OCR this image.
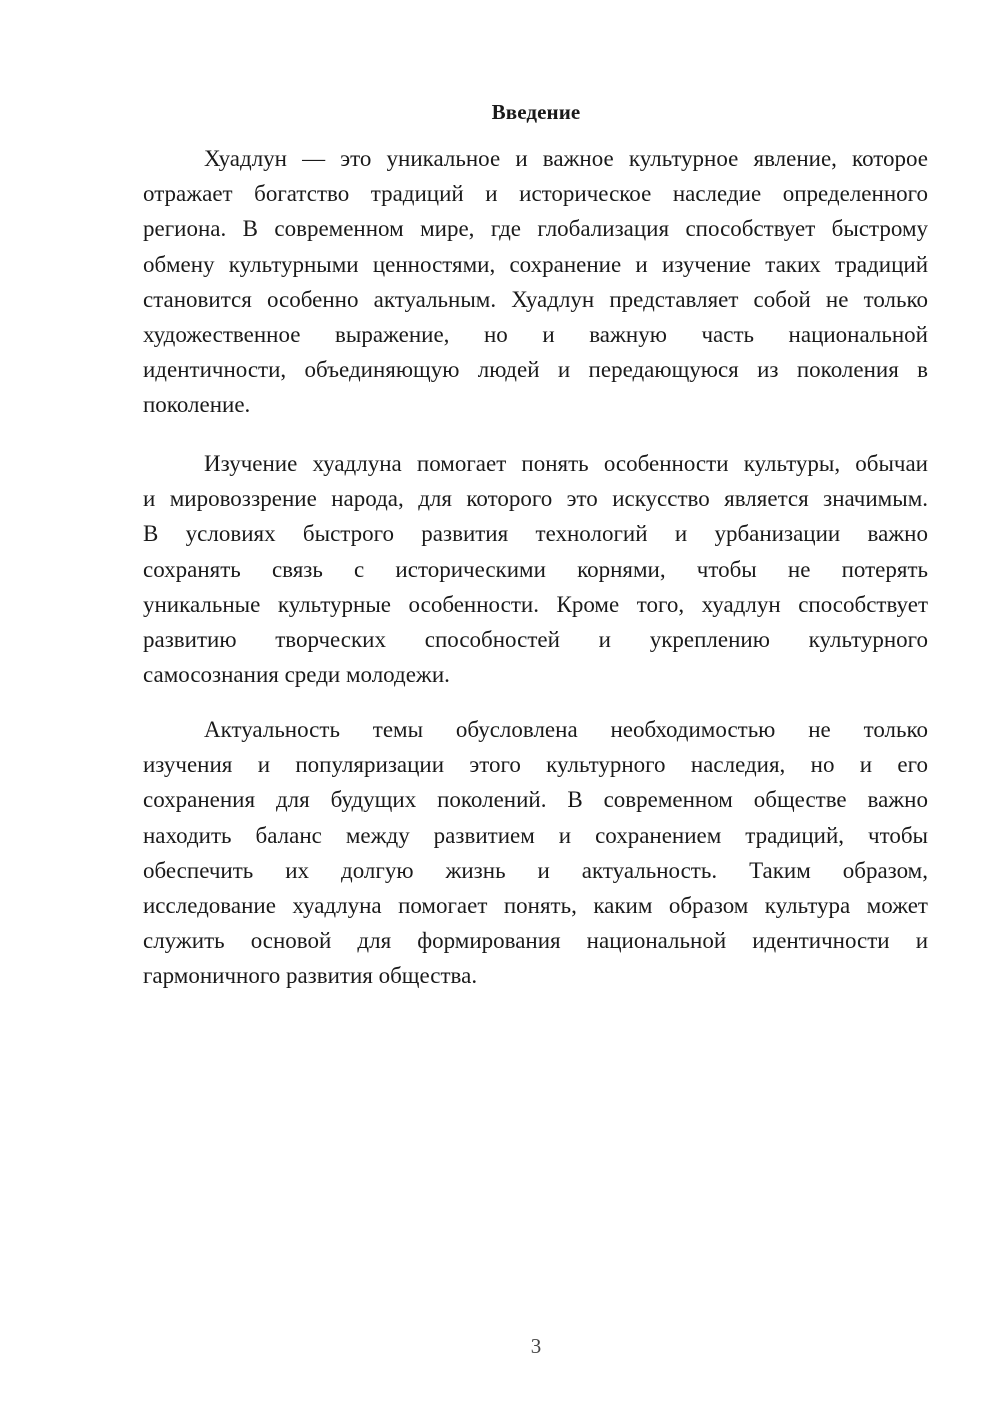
Введение
Хуадлун — это уникальное и важное культурное явление, которое
отражает богатство традиций и историческое наследие определенного
региона. В современном мире, где глобализация способствует быстрому
обмену культурными ценностями, сохранение и изучение таких традиций
становится особенно актуальным. Хуадлун представляет собой не только
художественное выражение, но и важную часть национальной
идентичности, объединяющую людей и передающуюся из поколения в
поколение.
Изучение хуадлуна помогает понять особенности культуры, обычаи
и мировоззрение народа, для которого это искусство является значимым.
В условиях быстрого развития технологий и урбанизации важно
сохранять связь с историческими корнями, чтобы не потерять
уникальные культурные особенности. Кроме того, хуадлун способствует
развитию творческих способностей и укреплению культурного
самосознания среди молодежи.
Актуальность темы обусловлена необходимостью не только
изучения и популяризации этого культурного наследия, но и его
сохранения для будущих поколений. В современном обществе важно
находить баланс между развитием и сохранением традиций, чтобы
обеспечить их долгую жизнь и актуальность. Таким образом,
исследование хуадлуна помогает понять, каким образом культура может
служить основой для формирования национальной идентичности и
гармоничного развития общества.
3
